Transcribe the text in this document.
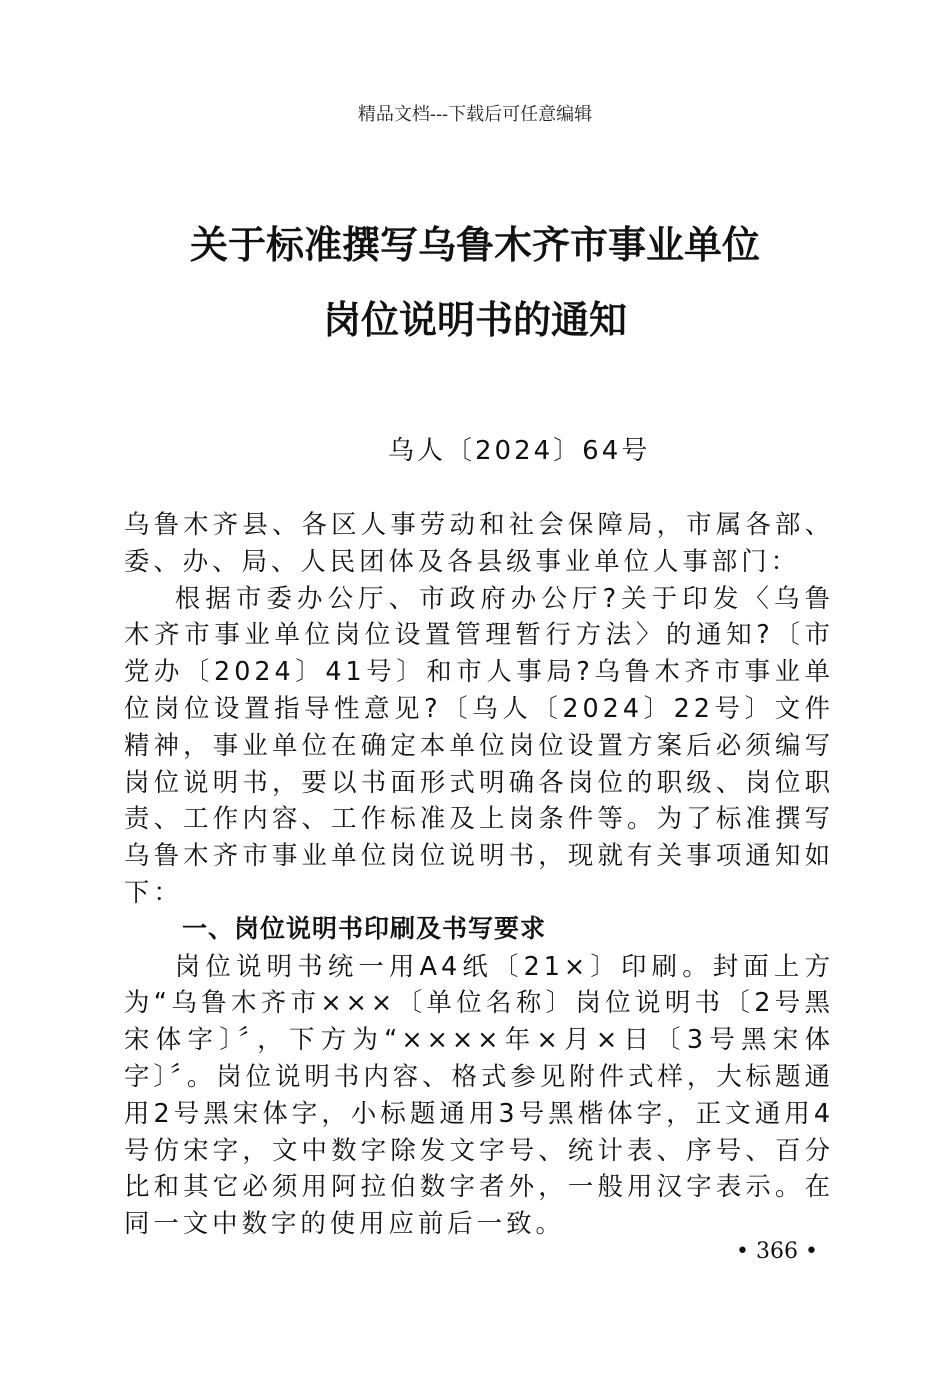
精品文档---下载后可任意编辑
关于标准撰写乌鲁木齐市事业单位
岗位说明书的通知
乌人〔2024〕64号

乌鲁木齐县、各区人事劳动和社会保障局，市属各部、委、办、局、人民团体及各县级事业单位人事部门：

根据市委办公厅、市政府办公厅?关于印发〈乌鲁木齐市事业单位岗位设置管理暂行方法〉的通知?〔市党办〔2024〕41号〕和市人事局?乌鲁木齐市事业单位岗位设置指导性意见?〔乌人〔2024〕22号〕文件精神，事业单位在确定本单位岗位设置方案后必须编写岗位说明书，要以书面形式明确各岗位的职级、岗位职责、工作内容、工作标准及上岗条件等。为了标准撰写乌鲁木齐市事业单位岗位说明书，现就有关事项通知如下：

一、岗位说明书印刷及书写要求

岗位说明书统一用A4纸〔21×〕印刷。封面上方为“乌鲁木齐市×××〔单位名称〕岗位说明书〔2号黑宋体字〕〞，下方为“××××年×月×日〔3号黑宋体字〕〞。岗位说明书内容、格式参见附件式样，大标题通用2号黑宋体字，小标题通用3号黑楷体字，正文通用4号仿宋字，文中数字除发文字号、统计表、序号、百分比和其它必须用阿拉伯数字者外，一般用汉字表示。在同一文中数字的使用应前后一致。

• 366 •
